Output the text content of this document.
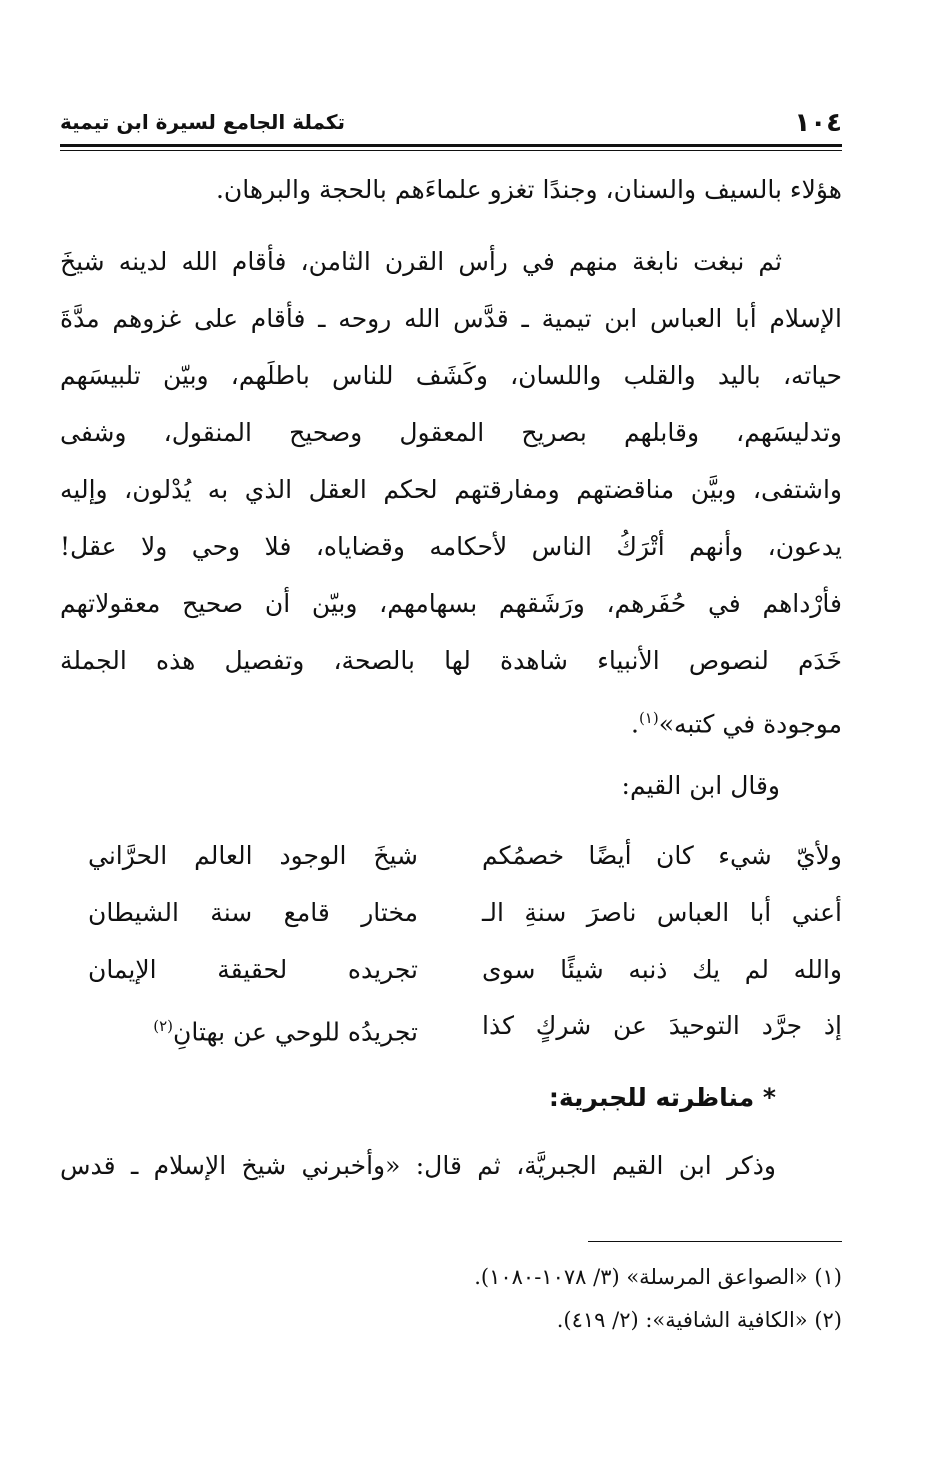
١٠٤
تكملة الجامع لسيرة ابن تيمية
هؤلاء بالسيف والسنان، وجندًا تغزو علماءَهم بالحجة والبرهان.
ثم نبغت نابغة منهم في رأس القرن الثامن، فأقام الله لدينه شيخَ
الإسلام أبا العباس ابن تيمية ـ قدَّس الله روحه ـ فأقام على غزوهم مدَّةَ
حياته، باليد والقلب واللسان، وكَشَف للناس باطلَهم، وبيّن تلبيسَهم
وتدليسَهم، وقابلهم بصريح المعقول وصحيح المنقول، وشفى
واشتفى، وبيَّن مناقضتهم ومفارقتهم لحكم العقل الذي به يُدْلون، وإليه
يدعون، وأنهم أتْرَكُ الناس لأحكامه وقضاياه، فلا وحي ولا عقل!
فأرْداهم في حُفَرهم، ورَشَقهم بسهامهم، وبيّن أن صحيح معقولاتهم
خَدَم لنصوص الأنبياء شاهدة لها بالصحة، وتفصيل هذه الجملة
موجودة في كتبه»$^{(١)}$.
وقال ابن القيم:
ولأيّ شيء كان أيضًا خصمُكم
شيخَ الوجود العالم الحرَّاني
أعني أبا العباس ناصرَ سنةِ الـ
مختار قامع سنة الشيطان
والله لم يك ذنبه شيئًا سوى
تجريده لحقيقة الإيمان
إذ جرَّد التوحيدَ عن شركٍ كذا
تجريدُه للوحي عن بهتانِ$^{(٢)}$
* مناظرته للجبرية:
وذكر ابن القيم الجبريَّة، ثم قال: «وأخبرني شيخ الإسلام ـ قدس
(١) «الصواعق المرسلة» (٣/ ١٠٧٨-١٠٨٠).
(٢) «الكافية الشافية»: (٢/ ٤١٩).
